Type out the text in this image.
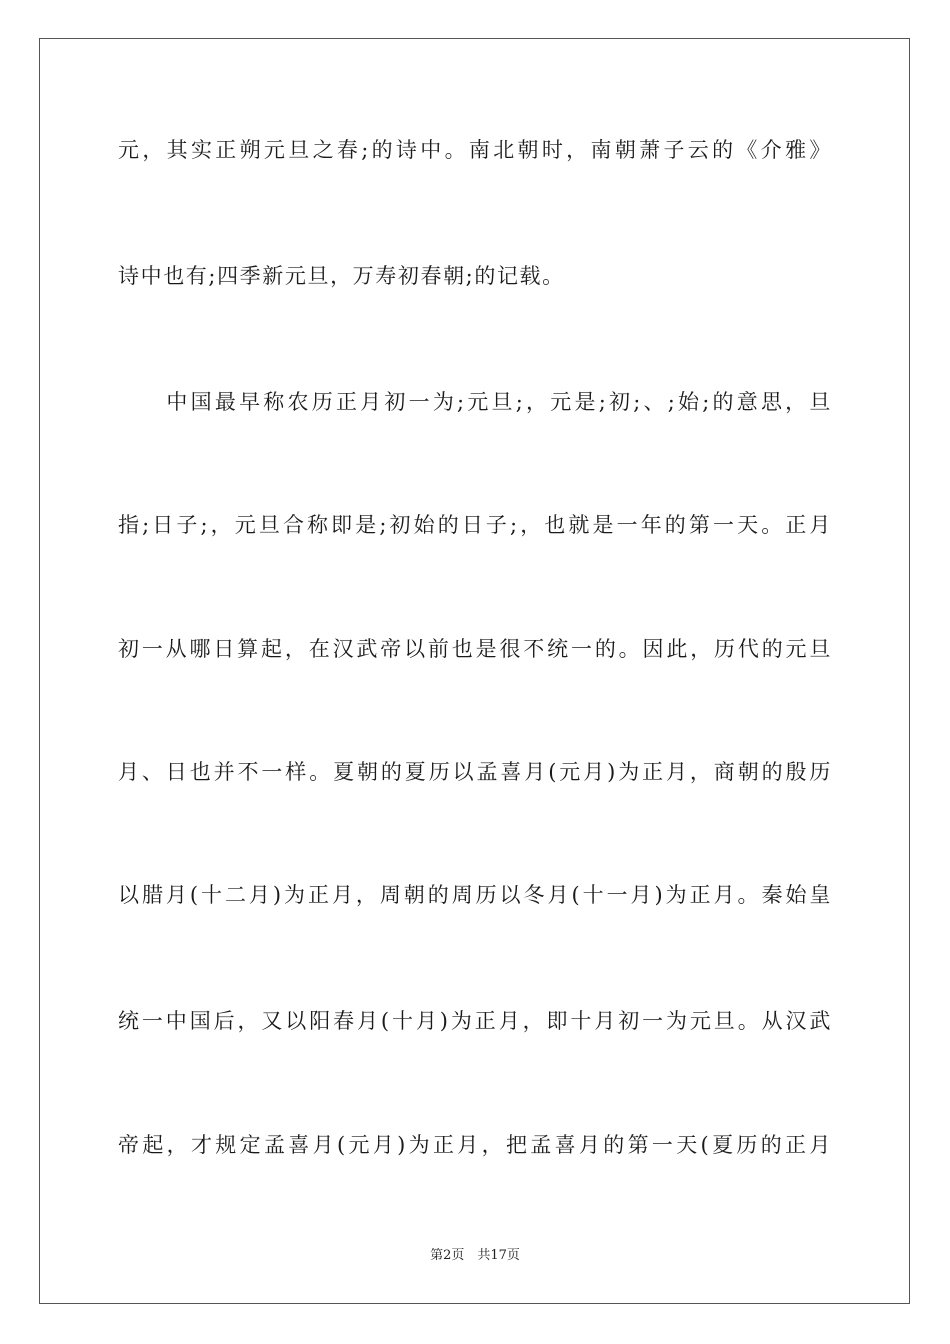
元，其实正朔元旦之春;的诗中。南北朝时，南朝萧子云的《介雅》
诗中也有;四季新元旦，万寿初春朝;的记载。
　　中国最早称农历正月初一为;元旦;，元是;初;、;始;的意思，旦
指;日子;，元旦合称即是;初始的日子;，也就是一年的第一天。正月
初一从哪日算起，在汉武帝以前也是很不统一的。因此，历代的元旦
月、日也并不一样。夏朝的夏历以孟喜月(元月)为正月，商朝的殷历
以腊月(十二月)为正月，周朝的周历以冬月(十一月)为正月。秦始皇
统一中国后，又以阳春月(十月)为正月，即十月初一为元旦。从汉武
帝起，才规定孟喜月(元月)为正月，把孟喜月的第一天(夏历的正月
第2页　共17页
